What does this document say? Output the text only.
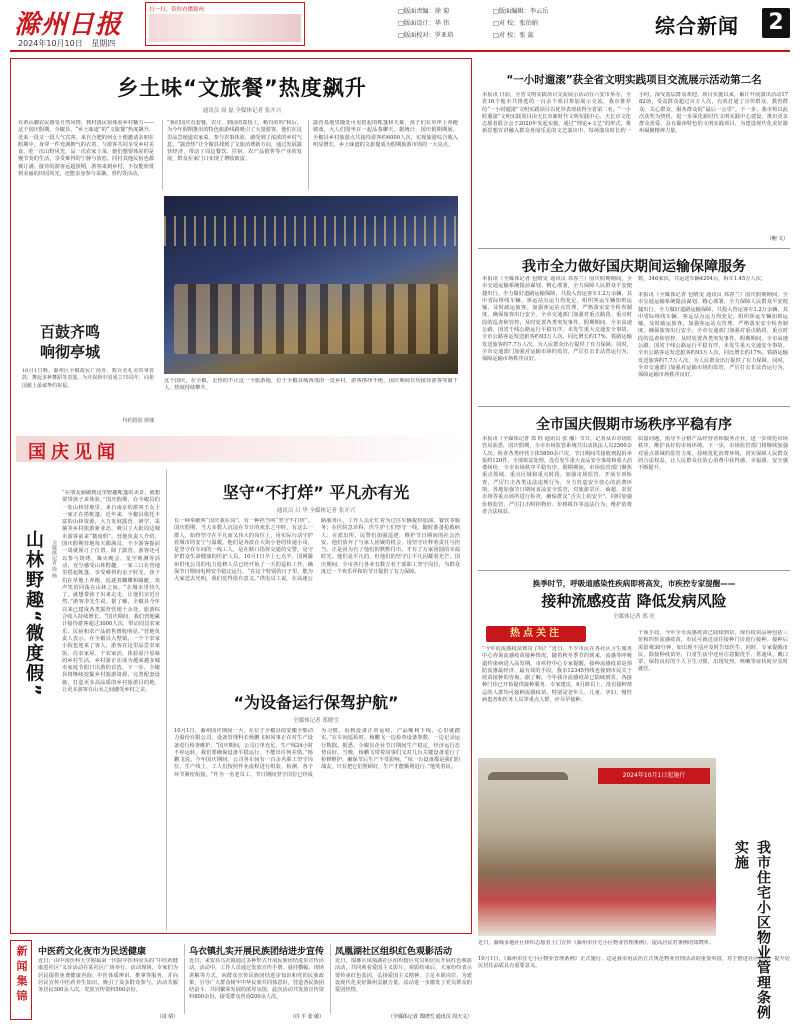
滁州日报
2024年10月10日 星期四
扫一扫，带你看懂滁州	□版面责编：徐 菊	□版面编辑：李云岳
□版面设计：华 伟	□对 校：张伯娟
□版面校对：罗亚培	□对 校：张 蕊	综合新闻 2
乡土味“文旅餐”热度飙升
通讯员 周 磊 全媒体记者 张开兴
在黄山脚农民感受自然风情、到村落民宿体验乡村魅力——这个国庆假期，全椒县，“乡土味道”的“文旅餐”热度飙升。近来一段又一段人气宾客。来自合肥的何女士便邀请亲朋在假期中，身穿一件充满朝气的衣着，与游客共同享受乡村美食，吃一次山野风光，品一次农家土菜，她们想要体验的是慢节奏的生活，享受难得的宁静与放松。同村其他民宿也都被订满，接待的游客远超预期，游客来到乡村，不仅能欣赏到美丽的田园风光，还能亲身参与采摘、垂钓等活动。
“我们国庆有套餐，农庄、到园的荔枝上，稍有的吗”和后，为今年假期推出的特色旅游线路吸引了大量游客，他们在这里品尝地道农家菜、参与农事体验，感受到了浓浓的乡村气息。“露营热”让全椒县找到了文旅消费新方向，通过发展露营经济，带动了周边餐饮、住宿、农产品销售等产业的发展，群众在家门口实现了增收致富。
露营基地里随处可见搭起的帐篷和天幕，孩子们在草坪上奔跑嬉戏，大人们围坐在一起品茶聊天。据统计，国庆假期期间，全椒县乡村旅游点共接待游客约6000人次，实现旅游综合收入明显增长，乡土味道的文旅餐成为假期旅游市场的一大亮点。
这个国庆，在全椒，走热的不止这一个旅游地，位于全椒县城西部的一处乡村，游客络绎不绝，国庆期间日均接待游客突破千人，热度持续攀升。
百鼓齐鸣
响彻亭城
10月1日晚，滁州区全椒政民广场外，数百名礼舍的拿着鼓，舞起多种舞蹈等表演，为庆祝新中国成立75周年，向祖国献上最诚挚的祝福。
特约摄影 颜娜
国庆见闻
山林野趣“微度假”	全媒体记者 徐 杨
“在朋友圈刷到这里野趣帐篷的美景，就想要带孩子来体验。”国庆假期，在全椒县的一处山林营地里，来自南京的游客王女士一家正在搭帐篷。近年来，全椒县依托丰富的山林资源，大力发展露营、研学、采摘等乡村旅游新业态，吸引了大批周边城市游客前来“微度假”。营地负责人介绍，国庆假期营地每天都满员，不少游客提前一周就预订了位置。除了露营，游客还可以参与烧烤、篝火晚会、星空观测等活动，充分感受山林野趣。一家三口在营地里搭起帐篷，享受难得的亲子时光，孩子们在草地上奔跑，追逐着蝴蝶和蜻蜓，欢声笑语回荡在山林之间。“在城市里待久了，就想带孩子出来走走，让他们亲近自然。”游客李先生说。据了解，全椒县今年以来已建成各类露营营地十余处，旅游综合收入持续增长。“国庆期间，我们营地累计接待游客超过3000人次，带动周边农家乐、民宿和农产品销售增收明显。”营地负责人表示。在全椒县大墅镇，一个个农家小院也迎来了客人，游客在这里品尝农家饭、住农家屋、干农家活，体验原汁原味的乡村生活。乡村游正在成为越来越多城市家庭节假日出游的首选。下一步，全椒县将继续挖掘乡村旅游资源，完善配套设施，打造更多高品质的乡村旅游目的地，让更多游客在山水之间感受乡村之美。
坚守“不打烊” 平凡亦有光
通讯员 吕 华 全媒体记者 张开兴
有一种奉献叫“国庆我在岗”。有一种担当叫“坚守不打烊”。国庆假期，当大多数人沉浸在节日的欢乐之中时，有这么一群人，始终坚守在平凡而又伟大的岗位上，用实际行动守护着城市的安宁与温暖。他们是奔波在大街小巷的快递小哥，是坚守在车间的一线工人，是在路口指挥交通的交警，是守护群众生命健康的医护人员。10月1日早上七点半，国网滁州供电公司的电力抢修人员已经开始了一天的巡检工作，确保节日期间电网安全稳定运行。“在这个特别的日子里，能为大家送去光明，我们觉得很有意义。”供电员工说。在高速公路服务区，工作人员正忙着为过往车辆提供加油、餐饮等服务；在医院急诊科，医生护士们坚守一线，随时准备抢救病人；在派出所，民警们加强巡逻，维护节日期间的社会治安。他们放弃了与家人团聚的机会，用坚守诠释着责任与担当。正是因为有了他们的默默付出，才有了万家团圆的幸福时光。他们是平凡的，但他们的坚守让平凡闪耀着光芒。国庆期间，全市各行各业有数万名干部职工坚守岗位，为群众度过一个欢乐祥和的节日提供了有力保障。
“为设备运行保驾护航”
全媒体记者 郑晓雪
10月1日，滁州国庆期间一大，在位于全椒县的安徽全柴动力股份有限公司，设备管理科长杨鹏飞和同事正在对生产设备进行检查维护。“国庆期间，公司订单充足，生产线24小时不停运转，我们要确保设备平稳运行，不能出任何差错。”杨鹏飞说。今年国庆期间，公司各车间有一百余名职工坚守岗位。生产线上，工人们按照作业流程进行组装、检测，各个环节紧密衔接。“作为一名老员工，节日期间坚守岗位已经成为习惯，看到设备正常运转，产品顺利下线，心里就踏实。”在车间巡检时，杨鹏飞一边检查设备参数，一边记录运行数据。据悉，全椒县企业节日期间生产稳定，经济运行态势良好。当晚，杨鹏飞带着同事们又对几台关键设备进行了检修维护，确保节后生产不受影响。“每一台设备都是我们的战友，只有把它们照顾好，生产才能顺利进行。”他笑着说。
“一小时遛滚”获全省文明实践项目交流展示活动第二名
本报讯 日前，全省文明实践项目交流展示活动在六安市举办，全省16个地市共推选的一百余个项目参加展示交流，我市推荐的“一小时遛滚”文明实践项目以优异表现获得全省第二名。“一小时遛滚”文明实践项目由天长市新时代文明实践中心、天长市文化志愿者联合会于2020年发起实施，通过“理论+文艺”的形式，将新思想宣讲融入群众喜闻乐见的文艺演出中，每场演出时长约一小时，深受基层群众欢迎。项目实施以来，累计开展演出活动1782场，受益群众超过百万人次，有效打通了宣传群众、教育群众、关心群众、服务群众的“最后一公里”。下一步，我市将以此次获奖为契机，进一步深化新时代文明实践中心建设，推出更多群众喜爱、具有滁州特色的文明实践项目，为建设现代化美好滁州凝聚精神力量。
（鲍 文）
我市全力做好国庆期间运输保障服务
本报讯（全媒体记者 包晴雯 通讯员 邓春兰）国庆假期期间，全市交通运输系统提前谋划、精心部署，全力保障人民群众平安便捷出行。全力做好道路运输保障，共投入营运客车1.2万余辆，其中省际班线车辆、客运站点运力均充足，组织客运车辆加班运输，及时疏运旅客。加强客运站点管理，严格落实安全检查制度，确保旅客出行安全。全市交通部门加强对重点路段、重点时段的巡查和管控，及时处置各类突发事件。假期期间，全市高速公路、国省干线公路运行平稳有序，未发生重大交通安全事故。全市公路客运发送旅客约93万人次，同比增长约17%。铁路运输发送旅客约7.7万人次，为人民群众出行提供了有力保障。同时，全市交通部门加强对运输市场的监管，严厉打击非法营运行为，保障运输市场秩序良好。
数，346家次，共运送车辆4204台，拆车1.45万人次。
本报讯（全媒体记者 包晴雯 通讯员 邓春兰）国庆假期期间，全市交通运输系统提前谋划、精心部署，全力保障人民群众平安便捷出行。全力做好道路运输保障，共投入营运客车1.2万余辆，其中省际班线车辆、客运站点运力均充足，组织客运车辆加班运输，及时疏运旅客。加强客运站点管理，严格落实安全检查制度，确保旅客出行安全。全市交通部门加强对重点路段、重点时段的巡查和管控，及时处置各类突发事件。假期期间，全市高速公路、国省干线公路运行平稳有序，未发生重大交通安全事故。全市公路客运发送旅客约93万人次，同比增长约17%。铁路运输发送旅客约7.7万人次，为人民群众出行提供了有力保障。同时，全市交通部门加强对运输市场的监管，严厉打击非法营运行为，保障运输市场秩序良好。
全市国庆假期市场秩序平稳有序
本报讯（全媒体记者 郑 旺 通讯员 张 瀚）节日，记者从市市场监管局获悉，国庆假期，全市市场监管系统共出动执法人员2500余人次，检查各类经营主体5800余户次，节日期间共接收到投诉举报约120件，全部依法处理，没有发生重大食品安全事故和重大消费纠纷，全市市场秩序平稳有序。假期期间，市场监管部门聚焦重点领域、重点区域和重点时段，加强市场监管，开展专项检查，严厉打击各类违法违规行为，全力营造安全放心的消费环境。各地加强节日期间食品安全监管，对旅游景区、商超、农贸市场等重点场所进行检查，确保群众“舌尖上的安全”。同时加强价格监管，严厉打击哄抬物价、价格欺诈等违法行为，维护消费者合法权益。
质量问题，指导不合格产品经营者和服务企业，进一步规范市场秩序，维护良好的市场环境。下一步，市场监管部门将继续加强对重点领域的监管力度，持续优化消费环境，切实保障人民群众的合法权益，让人民群众在放心消费中获得感、幸福感、安全感不断提升。
换季时节，呼吸道感染性疾病即将高发，市疾控专家提醒——
接种流感疫苗 降低发病风险
全媒体记者 郑 旺
热点关注
“今年的流感疫苗到货了吗？”近日，不少市民在各社区卫生服务中心咨询流感疫苗接种情况。随着秋冬季节的到来，流感等呼吸道传染病进入高发期。市疾控中心专家提醒，接种流感疫苗是预防流感最经济、最有效的手段。我市12345热线也接到市民关于疫苗接种的咨询。据了解，今年我市流感疫苗已陆续到货，各接种门诊已开始提供接种服务。专家建议，6月龄以上、没有接种禁忌的人群均可接种流感疫苗，特别是老年人、儿童、孕妇、慢性病患者和医务人员等重点人群，应尽早接种。
干预手段。今年全市流感疫苗已陆续到货，现有疫苗品种包括三价和四价流感疫苗，市民可就近前往接种门诊进行接种。接种后需留观30分钟，如出现不适应及时告知医生。同时，专家提醒市民，除接种疫苗外，日常生活中还应注意勤洗手、常通风、戴口罩，保持良好的个人卫生习惯，出现发热、咳嗽等症状时应及时就医。
2024年10月1日起施行
我市住宅小区物业管理条例实施
近日，滁城多地社区组织志愿者上门宣传《滁州市住宅小区物业管理条例》，提高居民对条例的知晓率。
10月1日，《滁州市住宅小区物业管理条例》正式施行。这是我市用法治方式规范物业管理活动的重要举措，对于推进社区治理、提升居民居住品质具有重要意义。
新闻集锦 中医药文化夜市为民送健康
近日，由中国医科大学附属第一医院中医科牵头的“中医药健康进社区”义诊活动在某社区广场举行。活动现场，专家们为居民提供免费健康咨询、中医体质辨识、推拿等服务，并向居民宣传中医药养生知识，吸引了众多群众参与。活动共服务居民300余人次，发放宣传资料500余份。
（周 倩）
乌衣镇扎实开展民族团结进步宣传
近日，来安县乌衣镇通过多种形式开展民族团结进步宣传活动。活动中，工作人员通过发放宣传手册、悬挂横幅、现场讲解等方式，向群众宣传民族团结进步知识和党的民族政策，引导广大群众树牢中华民族共同体意识，营造各民族团结奋斗、共同繁荣发展的浓厚氛围。此次活动共发放宣传资料800余份，接受群众咨询200余人次。
（许 平 张 敏）
凤凰湖社区组织红色观影活动
近日，琅琊区凤凰湖社区组织辖区党员和居民开展红色观影活动，共同观看爱国主义影片。观影结束后，大家纷纷表示要传承红色基因，弘扬爱国主义精神，立足本职岗位，为建设现代化美好滁州贡献力量。活动进一步激发了党员群众的爱国热情。
（全媒体记者 郑晓雪 通讯员 周天文）
